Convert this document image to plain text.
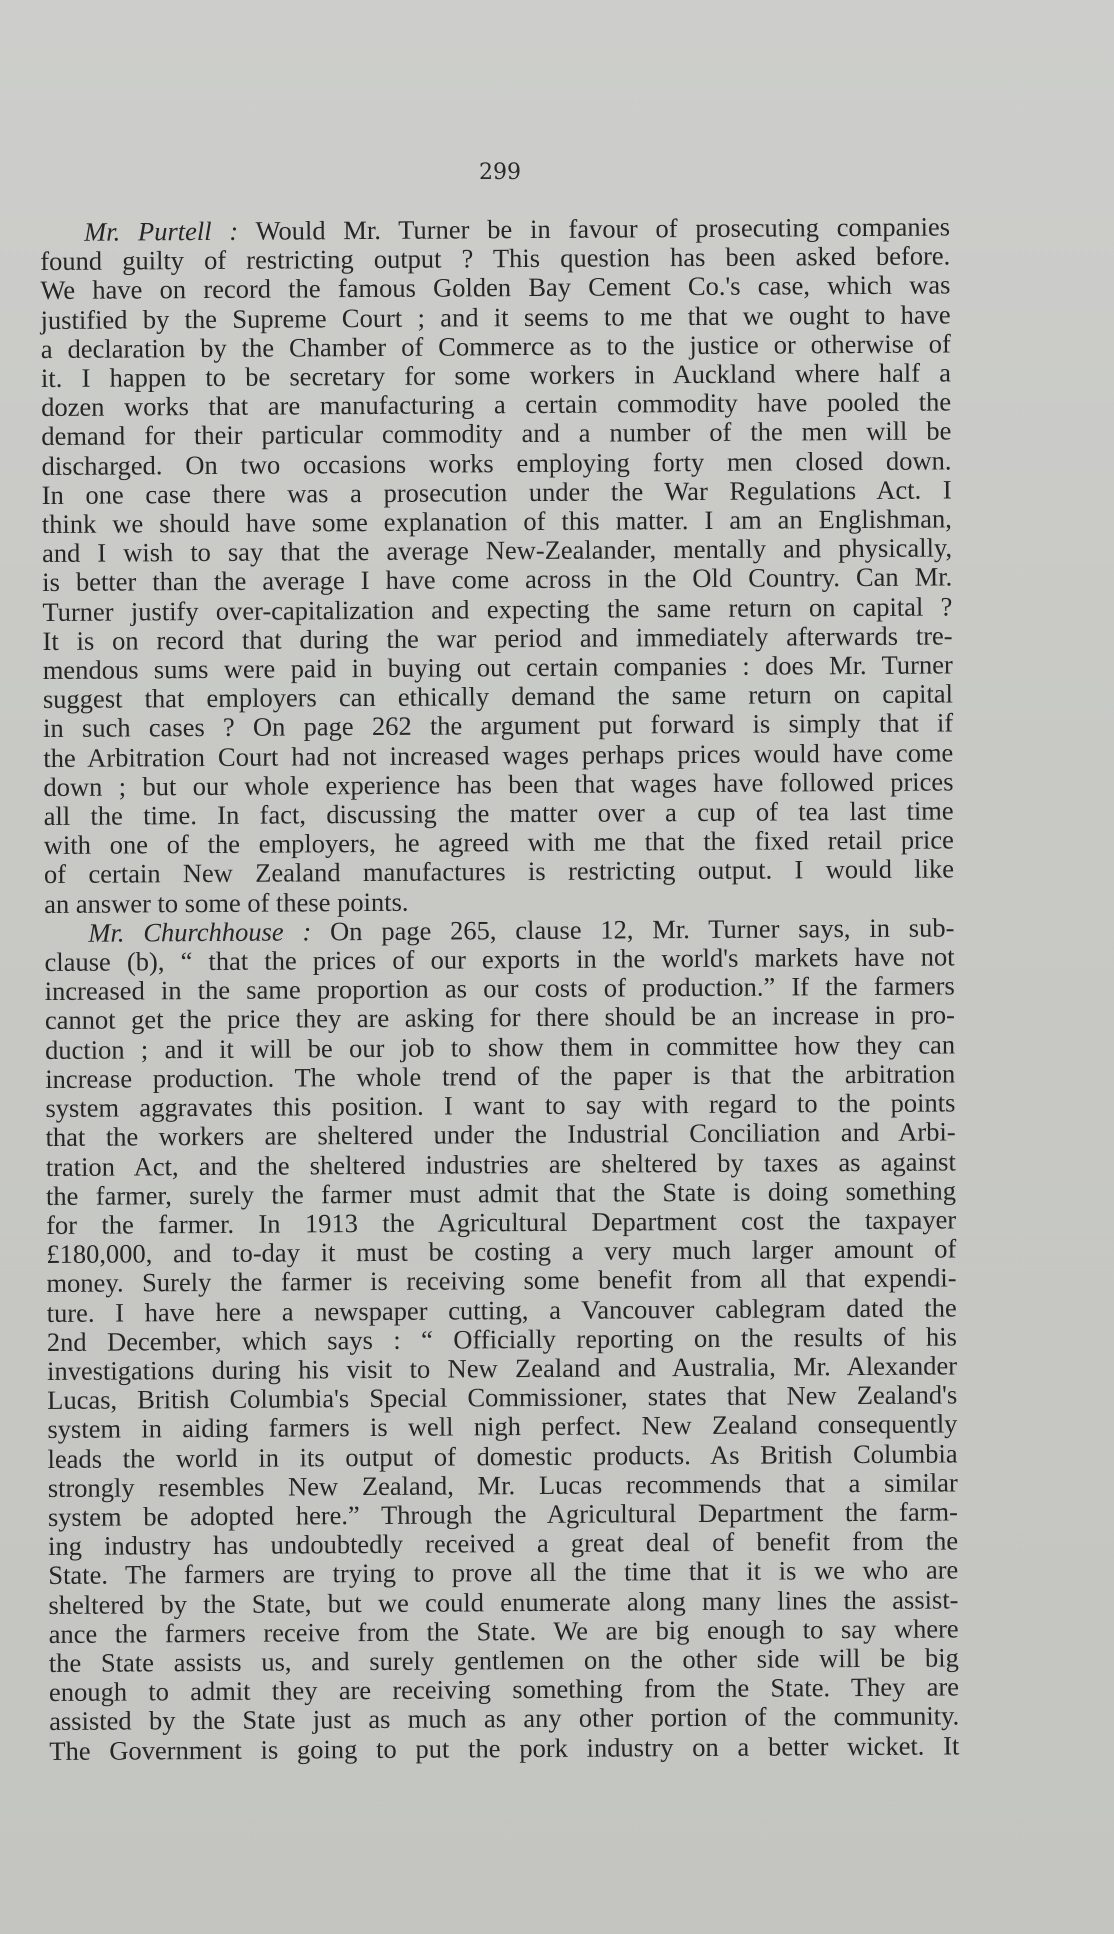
299
Mr. Purtell : Would Mr. Turner be in favour of prosecuting companies
found guilty of restricting output ? This question has been asked before.
We have on record the famous Golden Bay Cement Co.'s case, which was
justified by the Supreme Court ; and it seems to me that we ought to have
a declaration by the Chamber of Commerce as to the justice or otherwise of
it. I happen to be secretary for some workers in Auckland where half a
dozen works that are manufacturing a certain commodity have pooled the
demand for their particular commodity and a number of the men will be
discharged. On two occasions works employing forty men closed down.
In one case there was a prosecution under the War Regulations Act. I
think we should have some explanation of this matter. I am an Englishman,
and I wish to say that the average New-Zealander, mentally and physically,
is better than the average I have come across in the Old Country. Can Mr.
Turner justify over-capitalization and expecting the same return on capital ?
It is on record that during the war period and immediately afterwards tre-
mendous sums were paid in buying out certain companies : does Mr. Turner
suggest that employers can ethically demand the same return on capital
in such cases ? On page 262 the argument put forward is simply that if
the Arbitration Court had not increased wages perhaps prices would have come
down ; but our whole experience has been that wages have followed prices
all the time. In fact, discussing the matter over a cup of tea last time
with one of the employers, he agreed with me that the fixed retail price
of certain New Zealand manufactures is restricting output. I would like
an answer to some of these points.
Mr. Churchhouse : On page 265, clause 12, Mr. Turner says, in sub-
clause (b), “ that the prices of our exports in the world's markets have not
increased in the same proportion as our costs of production.” If the farmers
cannot get the price they are asking for there should be an increase in pro-
duction ; and it will be our job to show them in committee how they can
increase production. The whole trend of the paper is that the arbitration
system aggravates this position. I want to say with regard to the points
that the workers are sheltered under the Industrial Conciliation and Arbi-
tration Act, and the sheltered industries are sheltered by taxes as against
the farmer, surely the farmer must admit that the State is doing something
for the farmer. In 1913 the Agricultural Department cost the taxpayer
£180,000, and to-day it must be costing a very much larger amount of
money. Surely the farmer is receiving some benefit from all that expendi-
ture. I have here a newspaper cutting, a Vancouver cablegram dated the
2nd December, which says : “ Officially reporting on the results of his
investigations during his visit to New Zealand and Australia, Mr. Alexander
Lucas, British Columbia's Special Commissioner, states that New Zealand's
system in aiding farmers is well nigh perfect. New Zealand consequently
leads the world in its output of domestic products. As British Columbia
strongly resembles New Zealand, Mr. Lucas recommends that a similar
system be adopted here.” Through the Agricultural Department the farm-
ing industry has undoubtedly received a great deal of benefit from the
State. The farmers are trying to prove all the time that it is we who are
sheltered by the State, but we could enumerate along many lines the assist-
ance the farmers receive from the State. We are big enough to say where
the State assists us, and surely gentlemen on the other side will be big
enough to admit they are receiving something from the State. They are
assisted by the State just as much as any other portion of the community.
The Government is going to put the pork industry on a better wicket. It
